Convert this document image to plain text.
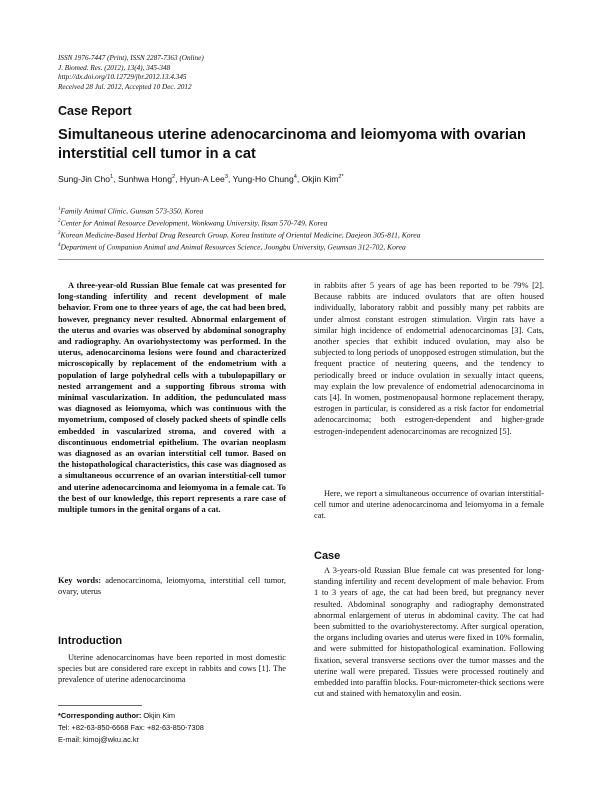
ISSN 1976-7447 (Print), ISSN 2287-7363 (Online)
J. Biomed. Res. (2012), 13(4), 345-348
http://dx.doi.org/10.12729/jbr.2012.13.4.345
Received 28 Jul. 2012, Accepted 10 Dec. 2012
Case Report
Simultaneous uterine adenocarcinoma and leiomyoma with ovarian interstitial cell tumor in a cat
Sung-Jin Cho$^1$, Sunhwa Hong$^2$, Hyun-A Lee$^3$, Yung-Ho Chung$^4$, Okjin Kim$^{2*}$
$^1$Family Animal Clinic, Gunsan 573-350, Korea
$^2$Center for Animal Resource Development, Wonkwang University, Iksan 570-749, Korea
$^3$Korean Medicine-Based Herbal Drug Research Group, Korea Institute of Oriental Medicine, Daejeon 305-811, Korea
$^4$Department of Companion Animal and Animal Resources Science, Joongbu University, Geumsan 312-702, Korea
A three-year-old Russian Blue female cat was presented for long-standing infertility and recent development of male behavior. From one to three years of age, the cat had been bred, however, pregnancy never resulted. Abnormal enlargement of the uterus and ovaries was observed by abdominal sonography and radiography. An ovariohystectomy was performed. In the uterus, adenocarcinoma lesions were found and characterized microscopically by replacement of the endometrium with a population of large polyhedral cells with a tubulopapillary or nested arrangement and a supporting fibrous stroma with minimal vascularization. In addition, the pedunculated mass was diagnosed as leiomyoma, which was continuous with the myometrium, composed of closely packed sheets of spindle cells embedded in vascularized stroma, and covered with a discontinuous endometrial epithelium. The ovarian neoplasm was diagnosed as an ovarian interstitial cell tumor. Based on the histopathological characteristics, this case was diagnosed as a simultaneous occurrence of an ovarian interstitial-cell tumor and uterine adenocarcinoma and leiomyoma in a female cat. To the best of our knowledge, this report represents a rare case of multiple tumors in the genital organs of a cat.
Key words: adenocarcinoma, leiomyoma, interstitial cell tumor, ovary, uterus
Introduction
Uterine adenocarcinomas have been reported in most domestic species but are considered rare except in rabbits and cows [1]. The prevalence of uterine adenocarcinoma
*Corresponding author: Okjin Kim
Tel: +82-63-850-6668 Fax: +82-63-850-7308
E-mail: kimoj@wku.ac.kr
in rabbits after 5 years of age has been reported to be 79% [2]. Because rabbits are induced ovulators that are often housed individually, laboratory rabbit and possibly many pet rabbits are under almost constant estrogen stimulation. Virgin rats have a similar high incidence of endometrial adenocarcinomas [3]. Cats, another species that exhibit induced ovulation, may also be subjected to long periods of unopposed estrogen stimulation, but the frequent practice of neutering queens, and the tendency to periodically breed or induce ovulation in sexually intact queens, may explain the low prevalence of endometrial adenocarcinoma in cats [4]. In women, postmenopausal hormone replacement therapy, estrogen in particular, is considered as a risk factor for endometrial adenocarcinoma; both estrogen-dependent and higher-grade estrogen-independent adenocarcinomas are recognized [5].
Here, we report a simultaneous occurrence of ovarian interstitial-cell tumor and uterine adenocarcinoma and leiomyoma in a female cat.
Case
A 3-years-old Russian Blue female cat was presented for long-standing infertility and recent development of male behavior. From 1 to 3 years of age, the cat had been bred, but pregnancy never resulted. Abdominal sonography and radiography demonstrated abnormal enlargement of uterus in abdominal cavity. The cat had been submitted to the ovariohysterectomy. After surgical operation, the organs including ovaries and uterus were fixed in 10% formalin, and were submitted for histopathological examination. Following fixation, several transverse sections over the tumor masses and the uterine wall were prepared. Tissues were processed routinely and embedded into paraffin blocks. Four-micrometer-thick sections were cut and stained with hematoxylin and eosin.
